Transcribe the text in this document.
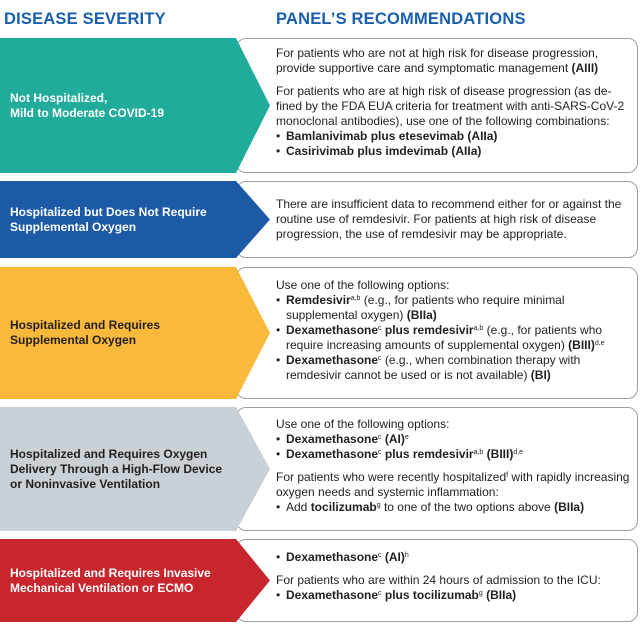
DISEASE SEVERITY	PANEL’S RECOMMENDATIONS
Not Hospitalized,
Mild to Moderate COVID-19

For patients who are not at high risk for disease progression, provide supportive care and symptomatic management (AIII)

For patients who are at high risk of disease progression (as de-fined by the FDA EUA criteria for treatment with anti-SARS-CoV-2 monoclonal antibodies), use one of the following combinations:

• Bamlanivimab plus etesevimab (AIIa)
• Casirivimab plus imdevimab (AIIa)
Hospitalized but Does Not Require Supplemental Oxygen

There are insufficient data to recommend either for or against the routine use of remdesivir. For patients at high risk of disease progression, the use of remdesivir may be appropriate.

Hospitalized and Requires Supplemental Oxygen

Use one of the following options:

• Remdesivir$^{a,b}$ (e.g., for patients who require minimal supplemental oxygen) (BIIa)
• Dexamethasone$^c$ plus remdesivir$^{a,b}$ (e.g., for patients who require increasing amounts of supplemental oxygen) (BIII)$^{d,e}$
• Dexamethasone$^c$ (e.g., when combination therapy with remdesivir cannot be used or is not available) (BI)
Hospitalized and Requires Oxygen Delivery Through a High-Flow Device or Noninvasive Ventilation

Use one of the following options:

• Dexamethasone$^c$ (AI)$^e$
• Dexamethasone$^c$ plus remdesivir$^{a,b}$ (BIII)$^{d,e}$

For patients who were recently hospitalized$^f$ with rapidly increasing oxygen needs and systemic inflammation:

• Add tocilizumab$^g$ to one of the two options above (BIIa)
Hospitalized and Requires Invasive Mechanical Ventilation or ECMO
• Dexamethasone$^c$ (AI)$^h$

For patients who are within 24 hours of admission to the ICU:

• Dexamethasone$^c$ plus tocilizumab$^g$ (BIIa)
